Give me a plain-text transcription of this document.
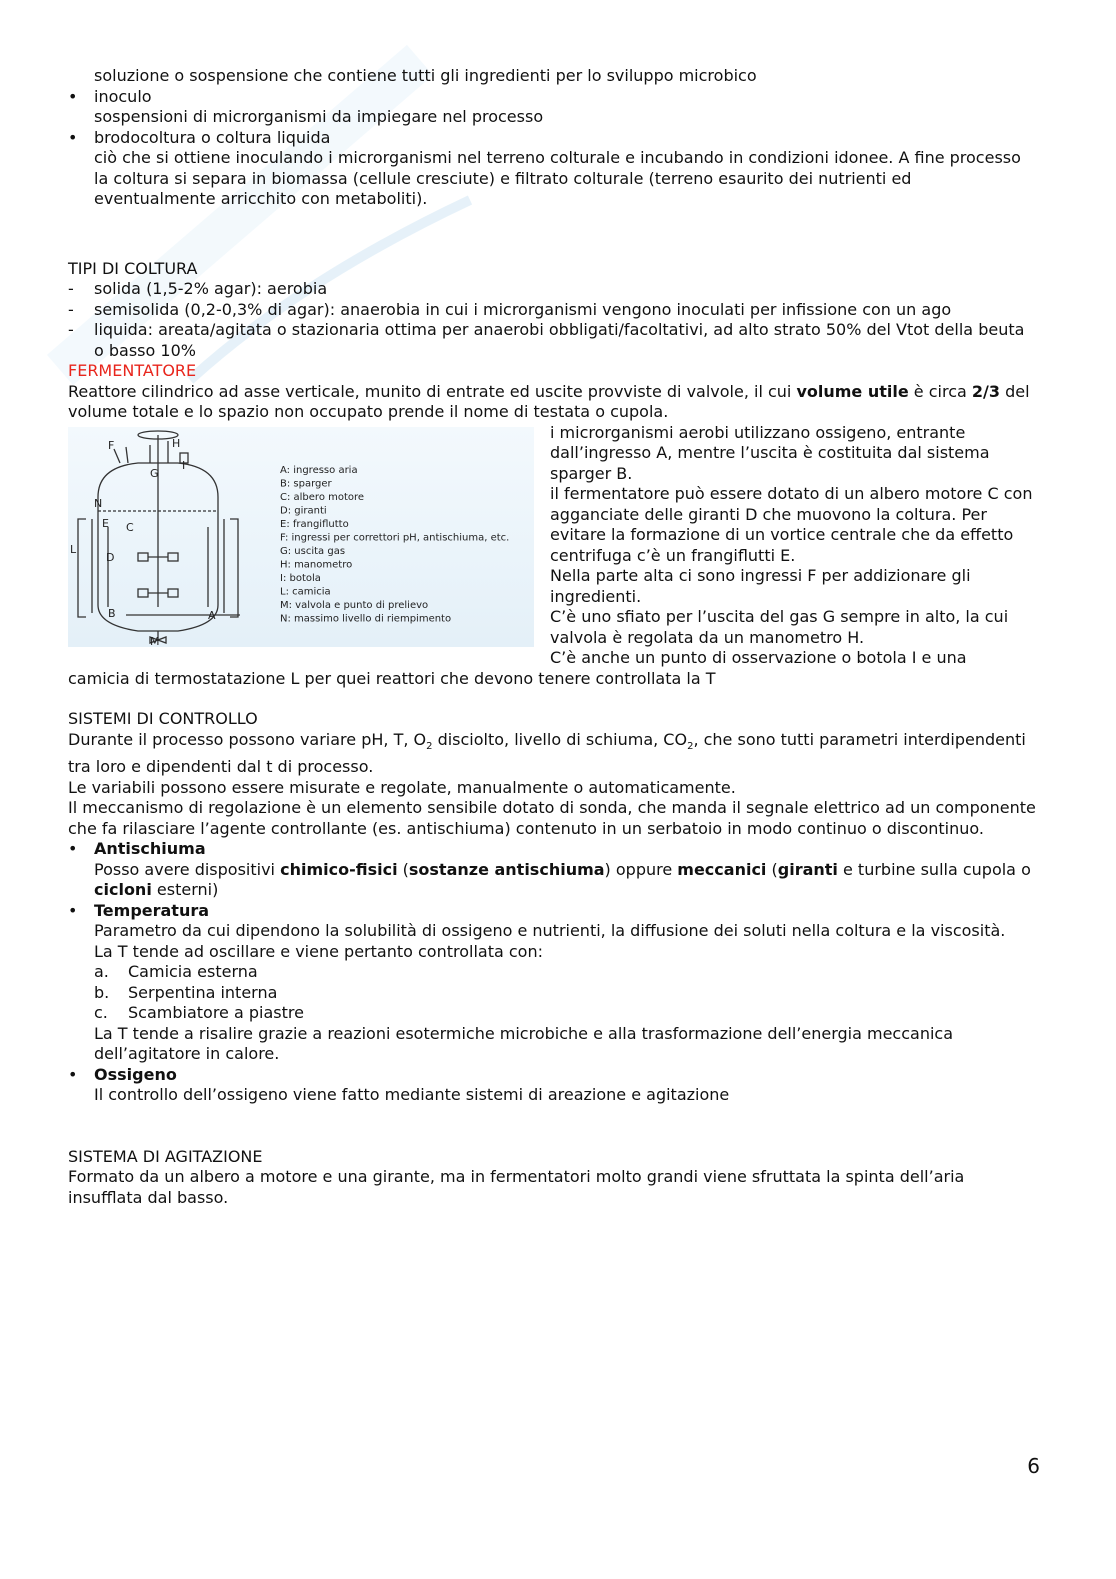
soluzione o sospensione che contiene tutti gli ingredienti per lo sviluppo microbico
• inoculo
sospensioni di microrganismi da impiegare nel processo
• brodocoltura o coltura liquida
ciò che si ottiene inoculando i microrganismi nel terreno colturale e incubando in condizioni idonee. A fine processo la coltura si separa in biomassa (cellule cresciute) e filtrato colturale (terreno esaurito dei nutrienti ed eventualmente arricchito con metaboliti).
TIPI DI COLTURA
- solida (1,5-2% agar): aerobia
- semisolida (0,2-0,3% di agar): anaerobia in cui i microrganismi vengono inoculati per infissione con un ago
- liquida: areata/agitata o stazionaria ottima per anaerobi obbligati/facoltativi, ad alto strato 50% del Vtot della beuta o basso 10%
FERMENTATORE
Reattore cilindrico ad asse verticale, munito di entrate ed uscite provviste di valvole, il cui volume utile è circa 2/3 del volume totale e lo spazio non occupato prende il nome di testata o cupola.
F	H
I
G
N
E C
D
L
B	A
M
A: ingresso aria
B: sparger
C: albero motore
D: giranti
E: frangiflutto
F: ingressi per correttori pH, antischiuma, etc.
G: uscita gas
H: manometro
I: botola
L: camicia
M: valvola e punto di prelievo
N: massimo livello di riempimento
i microrganismi aerobi utilizzano ossigeno, entrante dall’ingresso A, mentre l’uscita è costituita dal sistema sparger B.
il fermentatore può essere dotato di un albero motore C con agganciate delle giranti D che muovono la coltura. Per evitare la formazione di un vortice centrale che da effetto centrifuga c’è un frangiflutti E.
Nella parte alta ci sono ingressi F per addizionare gli ingredienti.
C’è uno sfiato per l’uscita del gas G sempre in alto, la cui valvola è regolata da un manometro H.
C’è anche un punto di osservazione o botola I e una
camicia di termostatazione L per quei reattori che devono tenere controllata la T
SISTEMI DI CONTROLLO
Durante il processo possono variare pH, T, $O_2$ disciolto, livello di schiuma, $CO_2$, che sono tutti parametri interdipendenti tra loro e dipendenti dal t di processo.
Le variabili possono essere misurate e regolate, manualmente o automaticamente.
Il meccanismo di regolazione è un elemento sensibile dotato di sonda, che manda il segnale elettrico ad un componente che fa rilasciare l’agente controllante (es. antischiuma) contenuto in un serbatoio in modo continuo o discontinuo.
• Antischiuma
Posso avere dispositivi chimico-fisici (sostanze antischiuma) oppure meccanici (giranti e turbine sulla cupola o cicloni esterni)
• Temperatura
Parametro da cui dipendono la solubilità di ossigeno e nutrienti, la diffusione dei soluti nella coltura e la viscosità.
La T tende ad oscillare e viene pertanto controllata con:
a. Camicia esterna
b. Serpentina interna
c. Scambiatore a piastre
La T tende a risalire grazie a reazioni esotermiche microbiche e alla trasformazione dell’energia meccanica dell’agitatore in calore.
• Ossigeno
Il controllo dell’ossigeno viene fatto mediante sistemi di areazione e agitazione
SISTEMA DI AGITAZIONE
Formato da un albero a motore e una girante, ma in fermentatori molto grandi viene sfruttata la spinta dell’aria insufflata dal basso.
6
